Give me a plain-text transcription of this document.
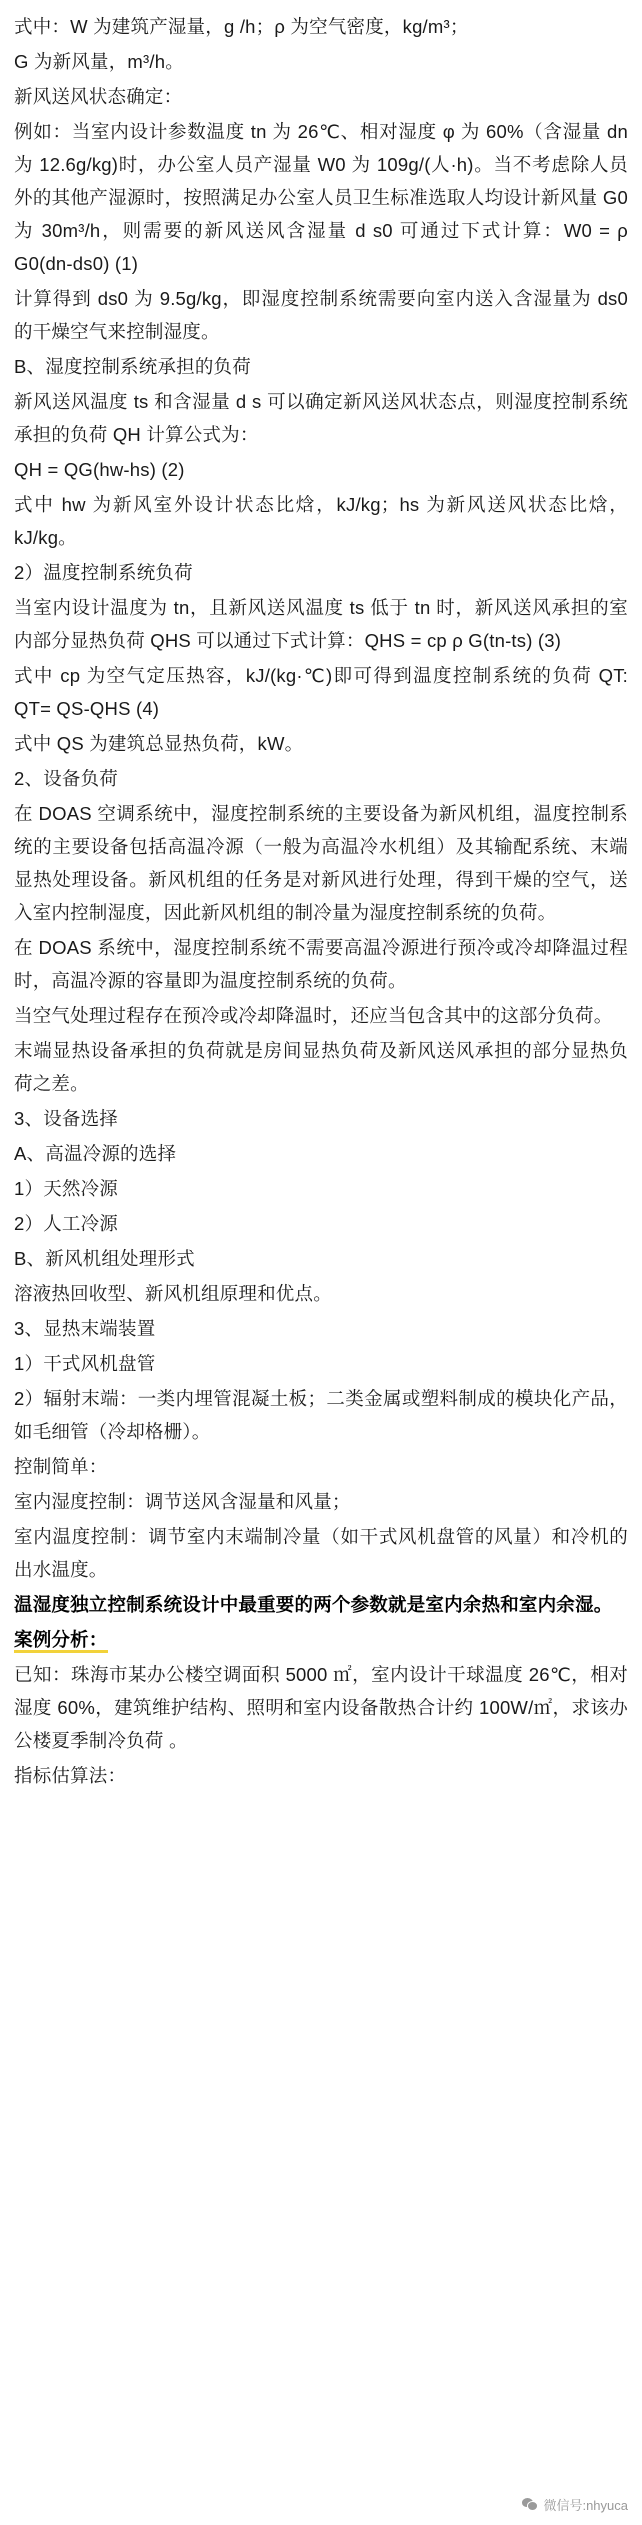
式中：W 为建筑产湿量，g /h；ρ 为空气密度，kg/m³；

G 为新风量，m³/h。

新风送风状态确定：

例如：当室内设计参数温度 tn 为 26℃、相对湿度 φ 为 60%（含湿量 dn 为 12.6g/kg)时，办公室人员产湿量 W0 为 109g/(人·h)。当不考虑除人员外的其他产湿源时，按照满足办公室人员卫生标准选取人均设计新风量 G0 为 30m³/h，则需要的新风送风含湿量 d s0 可通过下式计算：W0 = ρ G0(dn-ds0) (1)

计算得到 ds0 为 9.5g/kg，即湿度控制系统需要向室内送入含湿量为 ds0 的干燥空气来控制湿度。

B、湿度控制系统承担的负荷

新风送风温度 ts 和含湿量 d s 可以确定新风送风状态点，则湿度控制系统承担的负荷 QH 计算公式为：

QH = QG(hw-hs) (2)

式中 hw 为新风室外设计状态比焓，kJ/kg；hs 为新风送风状态比焓，kJ/kg。

2）温度控制系统负荷

当室内设计温度为 tn，且新风送风温度 ts 低于 tn 时，新风送风承担的室内部分显热负荷 QHS 可以通过下式计算：QHS = cp ρ G(tn-ts) (3)

式中 cp 为空气定压热容，kJ/(kg·℃)即可得到温度控制系统的负荷 QT: QT= QS-QHS (4)

式中 QS 为建筑总显热负荷，kW。

2、设备负荷

在 DOAS 空调系统中，湿度控制系统的主要设备为新风机组，温度控制系统的主要设备包括高温冷源（一般为高温冷水机组）及其输配系统、末端显热处理设备。新风机组的任务是对新风进行处理，得到干燥的空气，送入室内控制湿度，因此新风机组的制冷量为湿度控制系统的负荷。

在 DOAS 系统中，湿度控制系统不需要高温冷源进行预冷或冷却降温过程时，高温冷源的容量即为温度控制系统的负荷。

当空气处理过程存在预冷或冷却降温时，还应当包含其中的这部分负荷。

末端显热设备承担的负荷就是房间显热负荷及新风送风承担的部分显热负荷之差。

3、设备选择

A、高温冷源的选择

1）天然冷源

2）人工冷源

B、新风机组处理形式

溶液热回收型、新风机组原理和优点。

3、显热末端装置

1）干式风机盘管

2）辐射末端：一类内埋管混凝土板；二类金属或塑料制成的模块化产品，如毛细管（冷却格栅）。

控制简单：

室内湿度控制：调节送风含湿量和风量；

室内温度控制：调节室内末端制冷量（如干式风机盘管的风量）和冷机的出水温度。

温湿度独立控制系统设计中最重要的两个参数就是室内余热和室内余湿。

案例分析：

已知：珠海市某办公楼空调面积 5000 ㎡，室内设计干球温度 26℃，相对湿度 60%，建筑维护结构、照明和室内设备散热合计约 100W/㎡，求该办公楼夏季制冷负荷 。

指标估算法：

微信号:nhyuca
